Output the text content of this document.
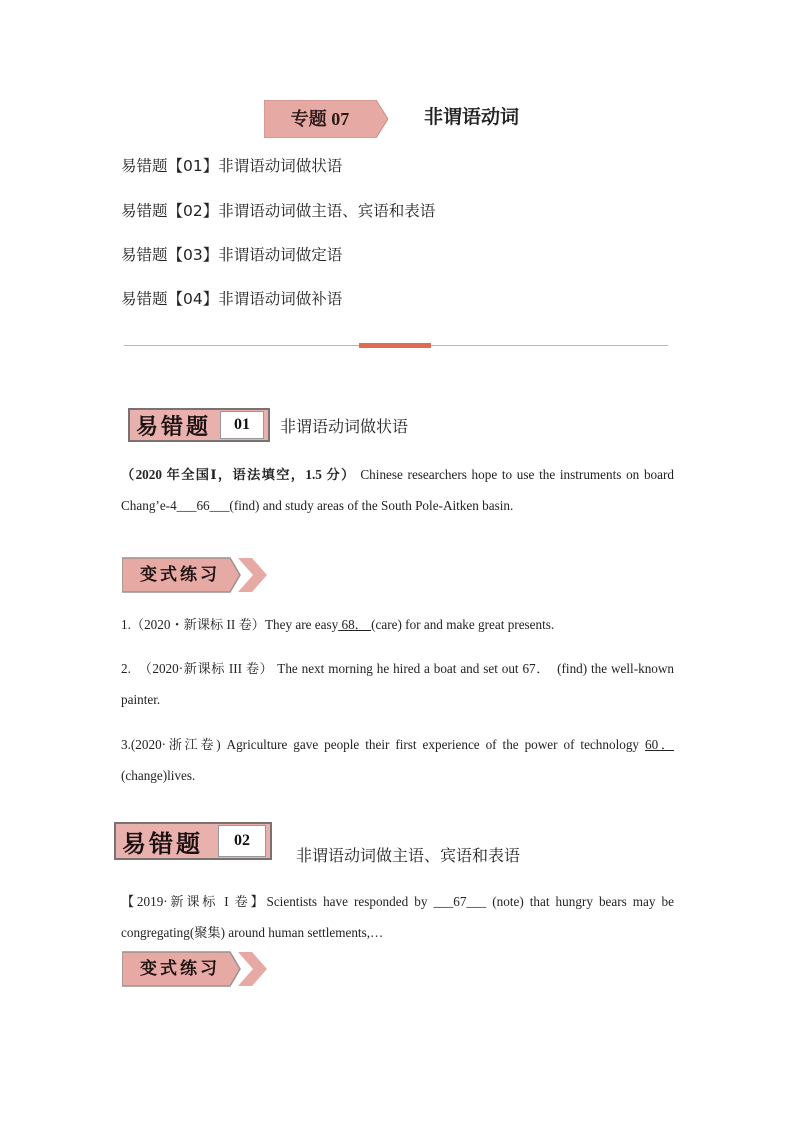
专题 07	非谓语动词
易错题【01】非谓语动词做状语
易错题【02】非谓语动词做主语、宾语和表语
易错题【03】非谓语动词做定语
易错题【04】非谓语动词做补语
易错题	01	非谓语动词做状语
（2020 年全国Ⅰ，语法填空，1.5 分） Chinese researchers hope to use the instruments on board Chang’e-4___66___(find) and study areas of the South Pole-Aitken basin.
变式练习
1.（2020・新课标 II 卷）They are easy 68． (care) for and make great presents.
2.　（2020·新课标 III 卷） The next morning he hired a boat and set out 67．　(find) the well-known painter.
3.(2020·浙江卷) Agriculture gave people their first experience of the power of technology 60．(change)lives.
易错题	02
非谓语动词做主语、宾语和表语
【2019·新课标 I 卷】Scientists have responded by ___67___ (note) that hungry bears may be congregating(聚集) around human settlements,…
变式练习
